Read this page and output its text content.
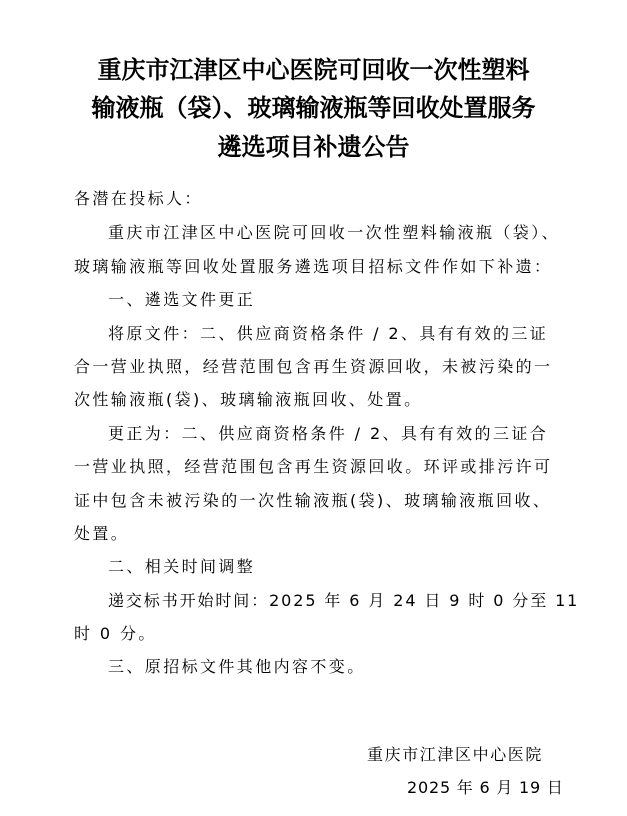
重庆市江津区中心医院可回收一次性塑料
输液瓶（袋）、玻璃输液瓶等回收处置服务
遴选项目补遗公告
各潜在投标人：
重庆市江津区中心医院可回收一次性塑料输液瓶（袋）、
玻璃输液瓶等回收处置服务遴选项目招标文件作如下补遗：
一、遴选文件更正
将原文件：二、供应商资格条件 / 2、具有有效的三证
合一营业执照，经营范围包含再生资源回收，未被污染的一
次性输液瓶(袋)、玻璃输液瓶回收、处置。
更正为：二、供应商资格条件 / 2、具有有效的三证合
一营业执照，经营范围包含再生资源回收。环评或排污许可
证中包含未被污染的一次性输液瓶(袋)、玻璃输液瓶回收、
处置。
二、相关时间调整
递交标书开始时间：2025 年 6 月 24 日 9 时 0 分至 11
时 0 分。
三、原招标文件其他内容不变。
重庆市江津区中心医院
2025 年 6 月 19 日
